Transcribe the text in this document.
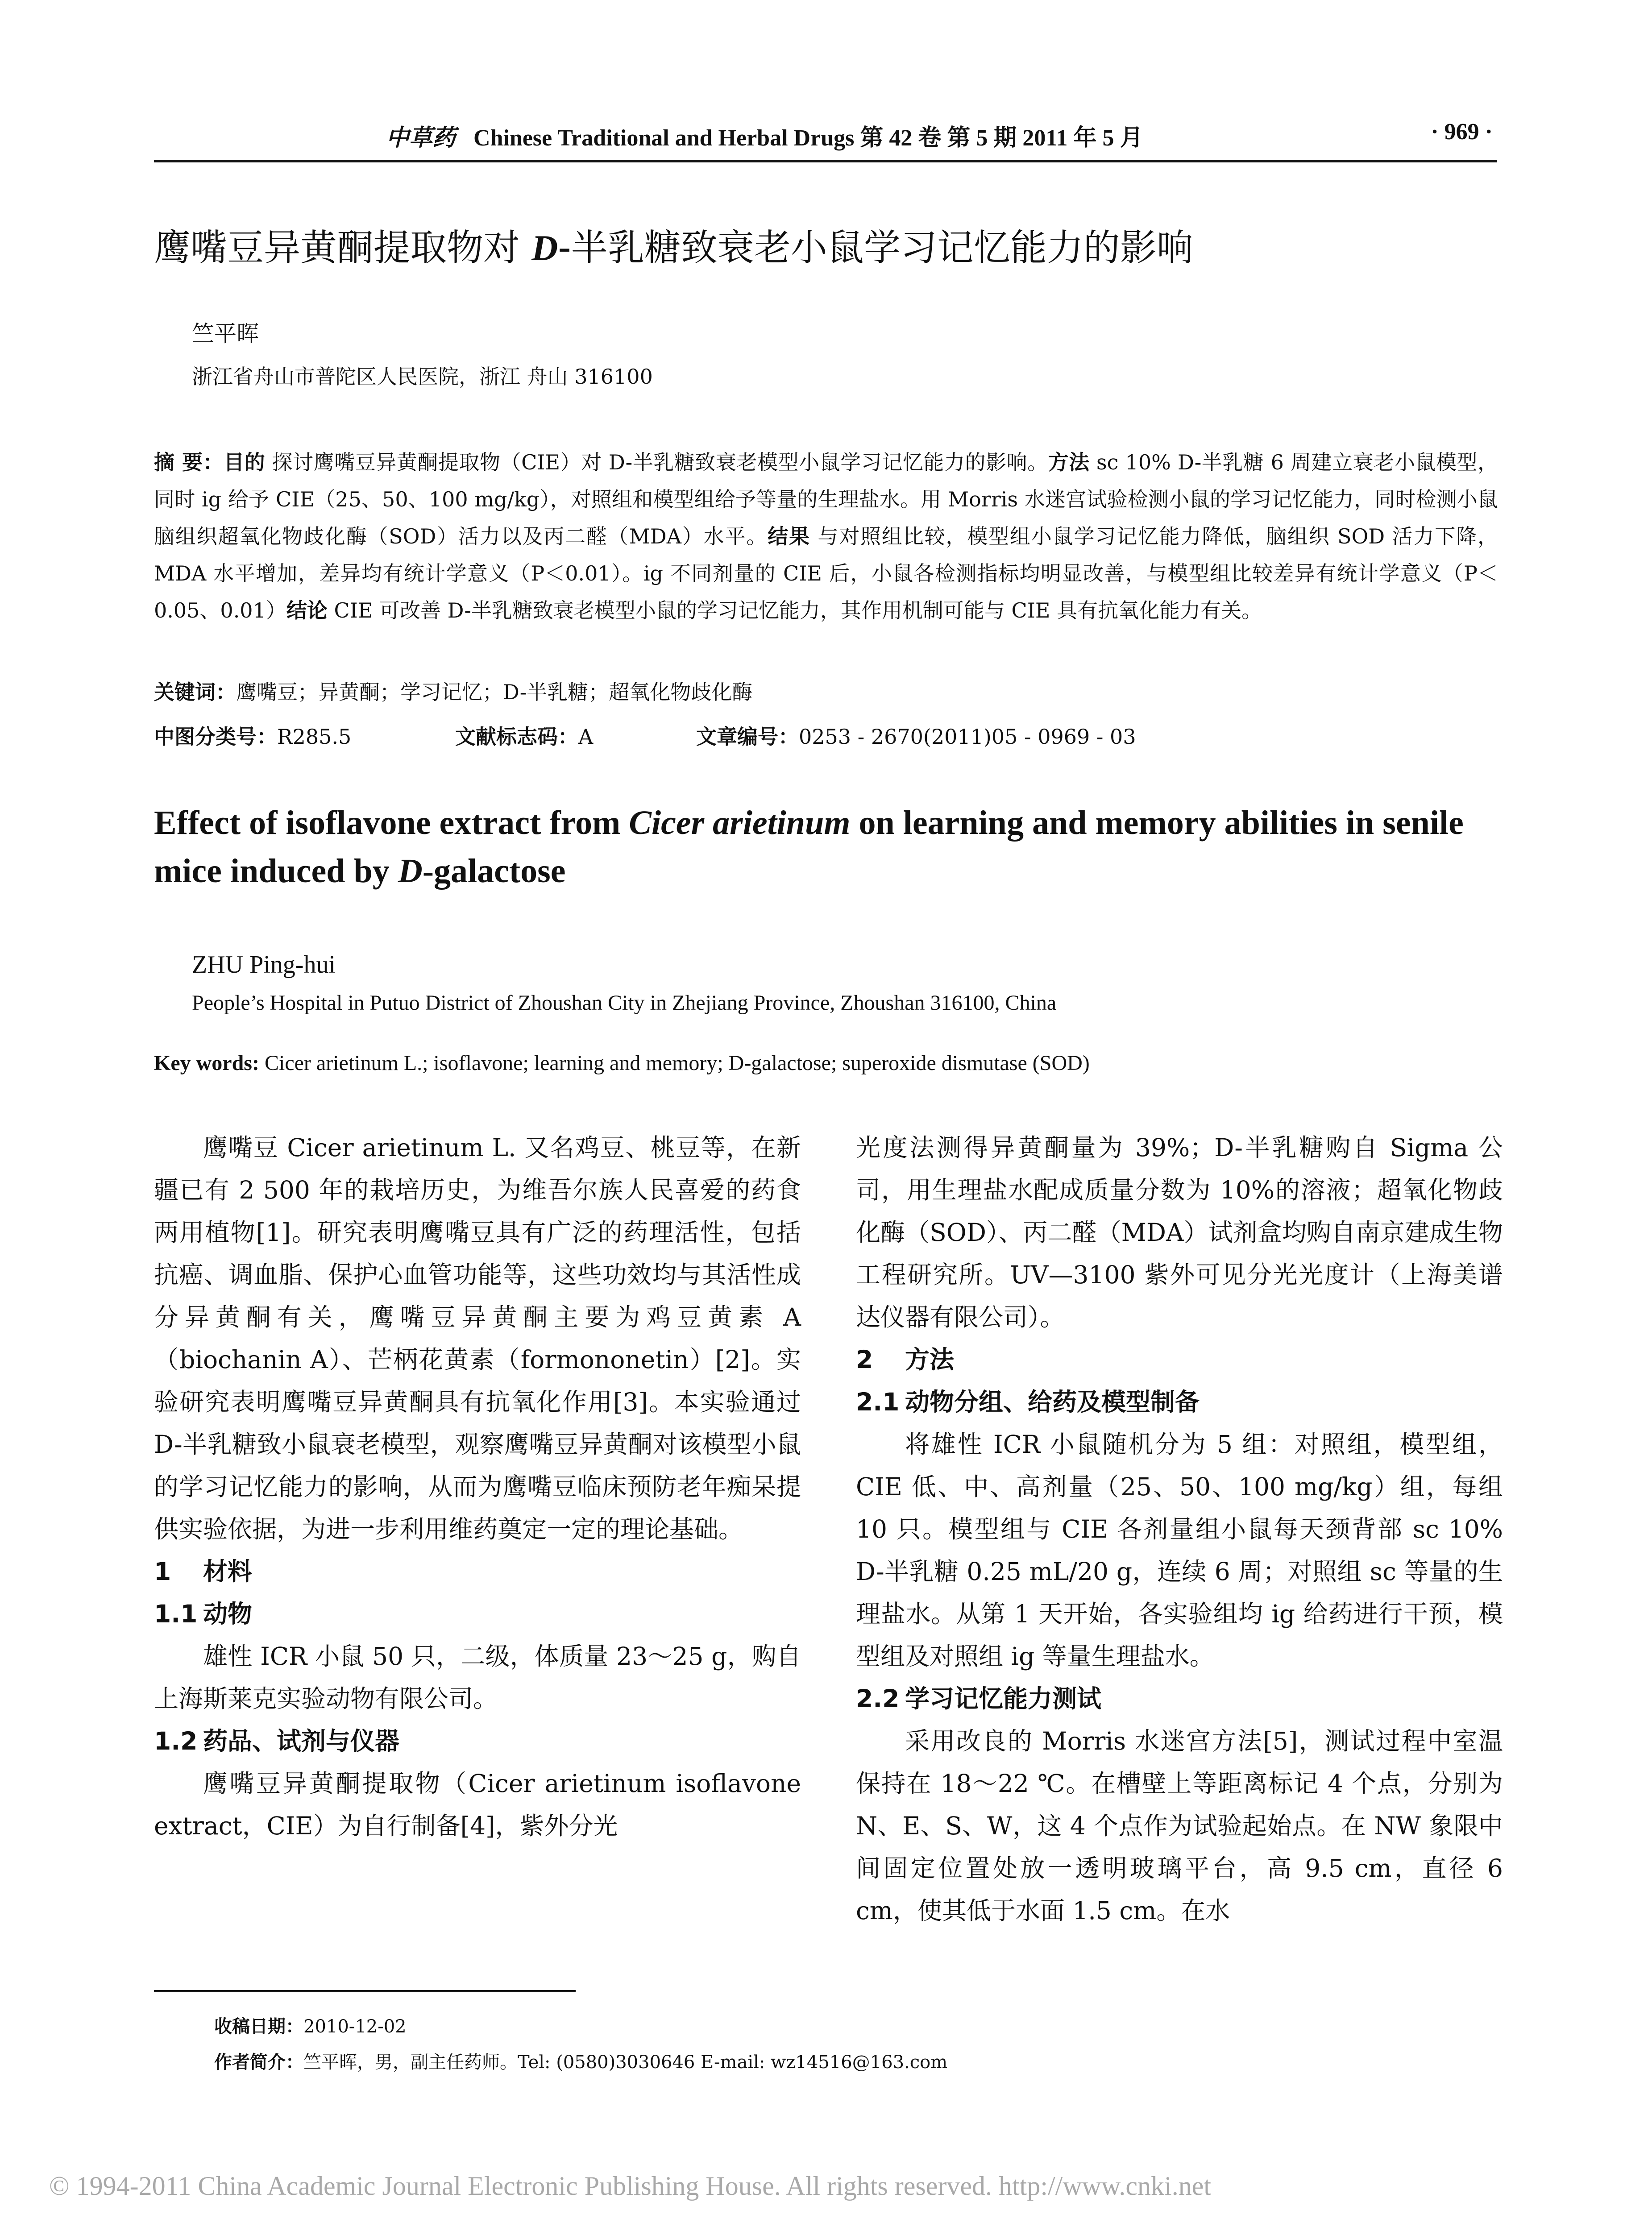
中草药 Chinese Traditional and Herbal Drugs 第 42 卷 第 5 期 2011 年 5 月	· 969 ·
鹰嘴豆异黄酮提取物对 D-半乳糖致衰老小鼠学习记忆能力的影响
竺平晖
浙江省舟山市普陀区人民医院，浙江 舟山 316100
摘 要：目的 探讨鹰嘴豆异黄酮提取物（CIE）对 D-半乳糖致衰老模型小鼠学习记忆能力的影响。方法 sc 10% D-半乳糖 6 周建立衰老小鼠模型，同时 ig 给予 CIE（25、50、100 mg/kg），对照组和模型组给予等量的生理盐水。用 Morris 水迷宫试验检测小鼠的学习记忆能力，同时检测小鼠脑组织超氧化物歧化酶（SOD）活力以及丙二醛（MDA）水平。结果 与对照组比较，模型组小鼠学习记忆能力降低，脑组织 SOD 活力下降，MDA 水平增加，差异均有统计学意义（P＜0.01）。ig 不同剂量的 CIE 后，小鼠各检测指标均明显改善，与模型组比较差异有统计学意义（P＜0.05、0.01）结论 CIE 可改善 D-半乳糖致衰老模型小鼠的学习记忆能力，其作用机制可能与 CIE 具有抗氧化能力有关。
关键词：鹰嘴豆；异黄酮；学习记忆；D-半乳糖；超氧化物歧化酶
中图分类号：R285.5	文献标志码：A	文章编号：0253 - 2670(2011)05 - 0969 - 03
Effect of isoflavone extract from Cicer arietinum on learning and memory abilities in senile mice induced by D-galactose
ZHU Ping-hui
People’s Hospital in Putuo District of Zhoushan City in Zhejiang Province, Zhoushan 316100, China
Key words: Cicer arietinum L.; isoflavone; learning and memory; D-galactose; superoxide dismutase (SOD)

鹰嘴豆 Cicer arietinum L. 又名鸡豆、桃豆等，在新疆已有 2 500 年的栽培历史，为维吾尔族人民喜爱的药食两用植物[1]。研究表明鹰嘴豆具有广泛的药理活性，包括抗癌、调血脂、保护心血管功能等，这些功效均与其活性成分异黄酮有关，鹰嘴豆异黄酮主要为鸡豆黄素 A（biochanin A）、芒柄花黄素（formononetin）[2]。实验研究表明鹰嘴豆异黄酮具有抗氧化作用[3]。本实验通过 D-半乳糖致小鼠衰老模型，观察鹰嘴豆异黄酮对该模型小鼠的学习记忆能力的影响，从而为鹰嘴豆临床预防老年痴呆提供实验依据，为进一步利用维药奠定一定的理论基础。

1 材料

1.1 动物

雄性 ICR 小鼠 50 只，二级，体质量 23～25 g，购自上海斯莱克实验动物有限公司。

1.2 药品、试剂与仪器

鹰嘴豆异黄酮提取物（Cicer arietinum isoflavone extract，CIE）为自行制备[4]，紫外分光

光度法测得异黄酮量为 39%；D-半乳糖购自 Sigma 公司，用生理盐水配成质量分数为 10%的溶液；超氧化物歧化酶（SOD）、丙二醛（MDA）试剂盒均购自南京建成生物工程研究所。UV—3100 紫外可见分光光度计（上海美谱达仪器有限公司）。

2 方法

2.1 动物分组、给药及模型制备

将雄性 ICR 小鼠随机分为 5 组：对照组，模型组，CIE 低、中、高剂量（25、50、100 mg/kg）组，每组 10 只。模型组与 CIE 各剂量组小鼠每天颈背部 sc 10% D-半乳糖 0.25 mL/20 g，连续 6 周；对照组 sc 等量的生理盐水。从第 1 天开始，各实验组均 ig 给药进行干预，模型组及对照组 ig 等量生理盐水。

2.2 学习记忆能力测试

采用改良的 Morris 水迷宫方法[5]，测试过程中室温保持在 18～22 ℃。在槽壁上等距离标记 4 个点，分别为 N、E、S、W，这 4 个点作为试验起始点。在 NW 象限中间固定位置处放一透明玻璃平台，高 9.5 cm，直径 6 cm，使其低于水面 1.5 cm。在水

收稿日期：2010-12-02
作者简介：竺平晖，男，副主任药师。Tel: (0580)3030646 E-mail: wz14516@163.com
© 1994-2011 China Academic Journal Electronic Publishing House. All rights reserved. http://www.cnki.net
